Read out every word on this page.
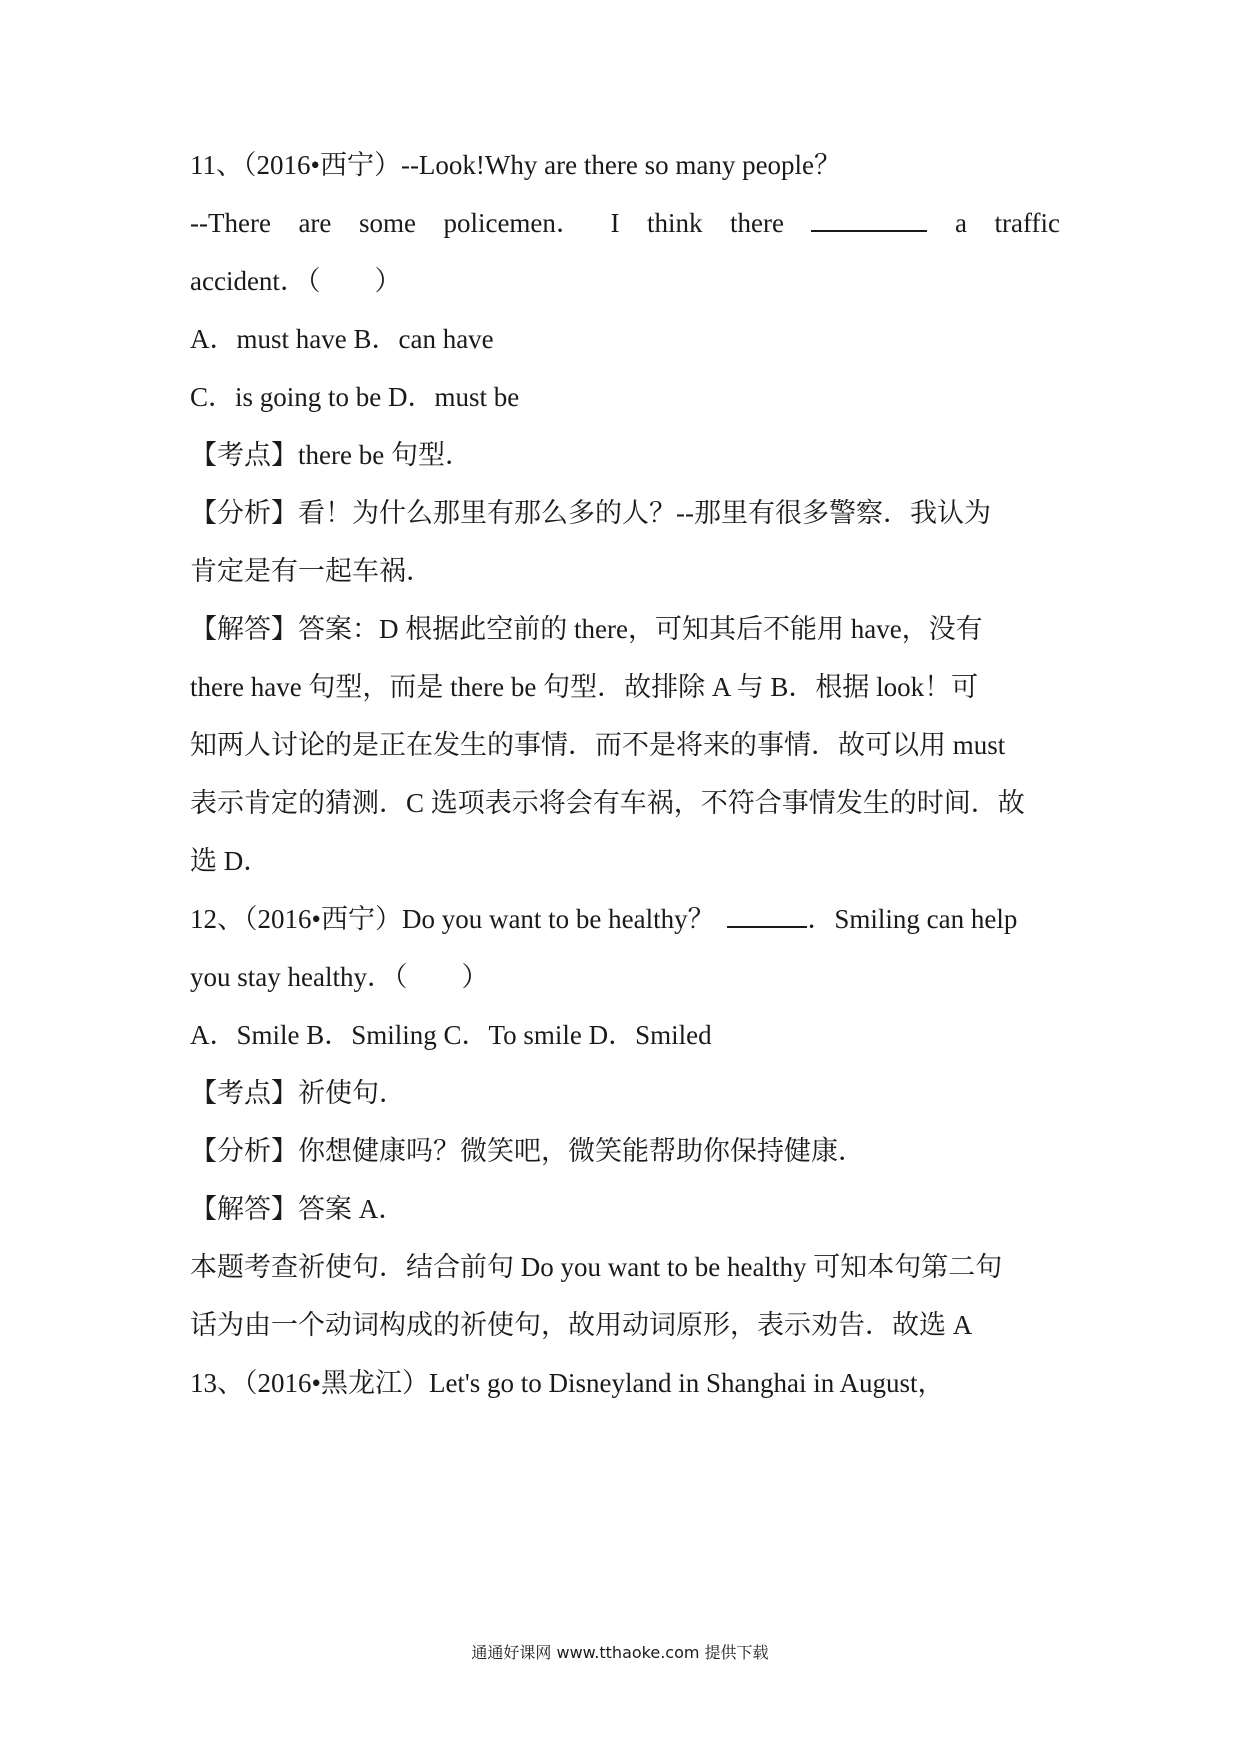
11、（2016•西宁）--Look!Why are there so many people？
--There are some policemen． I think there	a traffic
accident．（　　）
A．must have B．can have
C．is going to be D．must be
【考点】there be 句型．
【分析】看！为什么那里有那么多的人？--那里有很多警察．我认为
肯定是有一起车祸．
【解答】答案：D 根据此空前的 there，可知其后不能用 have，没有
there have 句型，而是 there be 句型．故排除 A 与 B．根据 look！可
知两人讨论的是正在发生的事情．而不是将来的事情．故可以用 must
表示肯定的猜测．C 选项表示将会有车祸，不符合事情发生的时间．故
选 D．
12、（2016•西宁）Do you want to be healthy？	．Smiling can help
you stay healthy．（　　）
A．Smile B．Smiling C．To smile D．Smiled
【考点】祈使句．
【分析】你想健康吗？微笑吧，微笑能帮助你保持健康．
【解答】答案 A．
本题考查祈使句．结合前句 Do you want to be healthy 可知本句第二句
话为由一个动词构成的祈使句，故用动词原形，表示劝告．故选 A
13、（2016•黑龙江）Let's go to Disneyland in Shanghai in August，
通通好课网 www.tthaoke.com 提供下载
